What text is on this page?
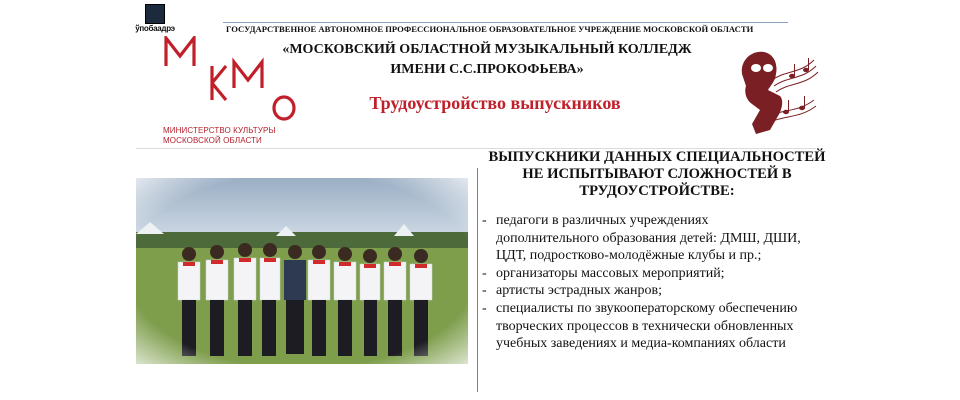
ўпобаадрэ
МИНИСТЕРСТВО КУЛЬТУРЫ
МОСКОВСКОЙ ОБЛАСТИ
ГОСУДАРСТВЕННОЕ АВТОНОМНОЕ ПРОФЕССИОНАЛЬНОЕ ОБРАЗОВАТЕЛЬНОЕ УЧРЕЖДЕНИЕ МОСКОВСКОЙ ОБЛАСТИ
«МОСКОВСКИЙ ОБЛАСТНОЙ МУЗЫКАЛЬНЫЙ КОЛЛЕДЖ
ИМЕНИ С.С.ПРОКОФЬЕВА»
Трудоустройство выпускников
ВЫПУСКНИКИ ДАННЫХ СПЕЦИАЛЬНОСТЕЙ
НЕ ИСПЫТЫВАЮТ СЛОЖНОСТЕЙ В
ТРУДОУСТРОЙСТВЕ:
- педагоги в различных учреждениях
дополнительного образования детей: ДМШ, ДШИ,
ЦДТ, подростково-молодёжные клубы и пр.;
- организаторы массовых мероприятий;
- артисты эстрадных жанров;
- специалисты по звукооператорскому обеспечению
творческих процессов в технически обновленных
учебных заведениях и медиа-компаниях области
